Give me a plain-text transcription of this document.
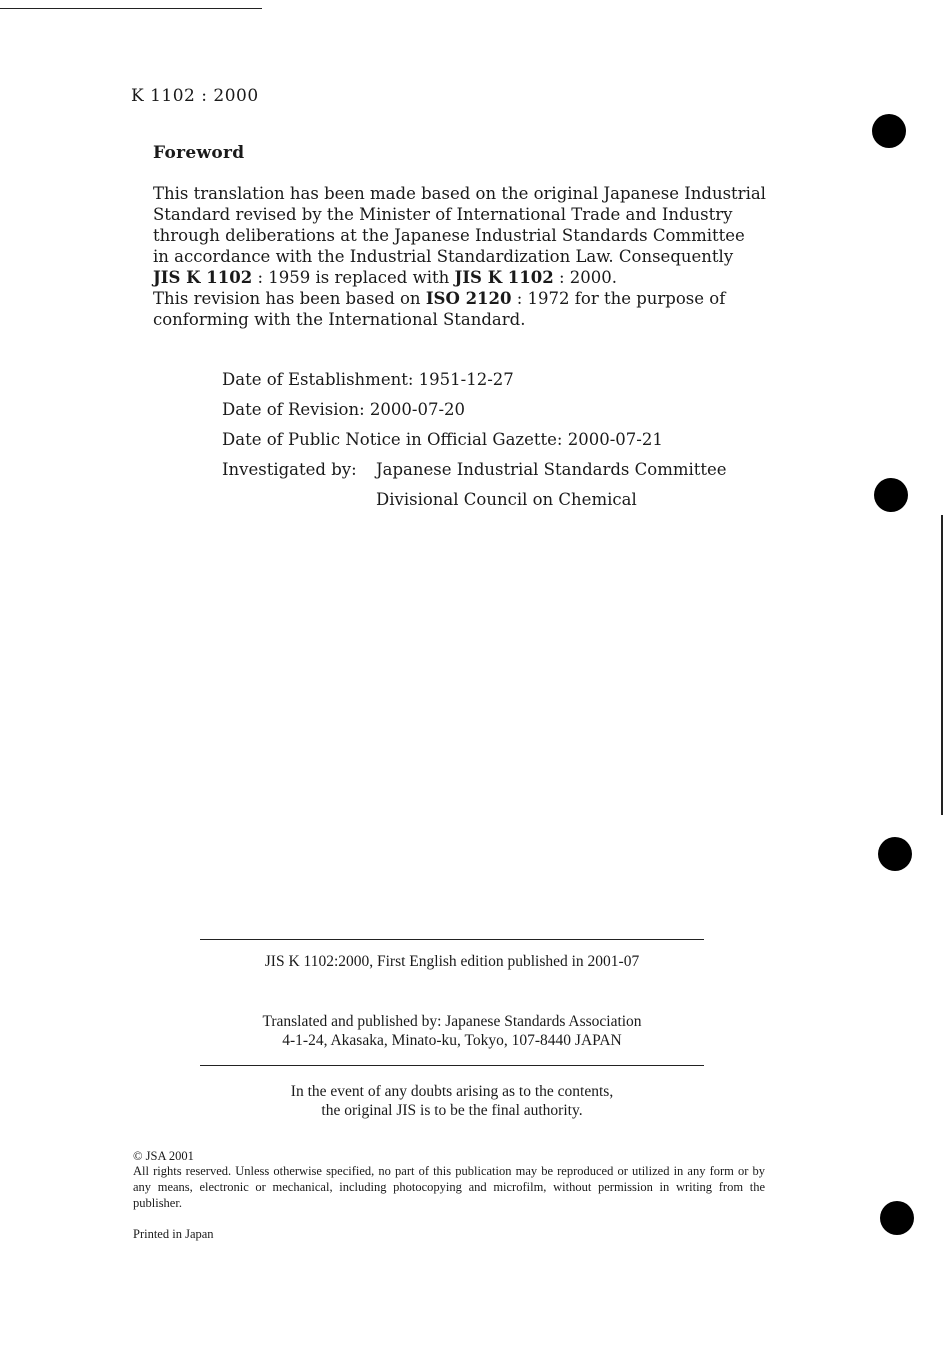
K 1102 : 2000
Foreword

This translation has been made based on the original Japanese Industrial

Standard revised by the Minister of International Trade and Industry

through deliberations at the Japanese Industrial Standards Committee

in accordance with the Industrial Standardization Law. Consequently

JIS K 1102 : 1959 is replaced with JIS K 1102 : 2000.

This revision has been based on ISO 2120 : 1972 for the purpose of

conforming with the International Standard.

Date of Establishment: 1951-12-27
Date of Revision: 2000-07-20
Date of Public Notice in Official Gazette: 2000-07-21
Investigated by: Japanese Industrial Standards Committee
Divisional Council on Chemical
JIS K 1102:2000, First English edition published in 2001-07
Translated and published by: Japanese Standards Association
4-1-24, Akasaka, Minato-ku, Tokyo, 107-8440 JAPAN
In the event of any doubts arising as to the contents,
the original JIS is to be the final authority.
© JSA 2001
All rights reserved. Unless otherwise specified, no part of this publication may be reproduced or utilized in any form or by any means, electronic or mechanical, including photocopying and microfilm, without permission in writing from the publisher.
Printed in Japan
